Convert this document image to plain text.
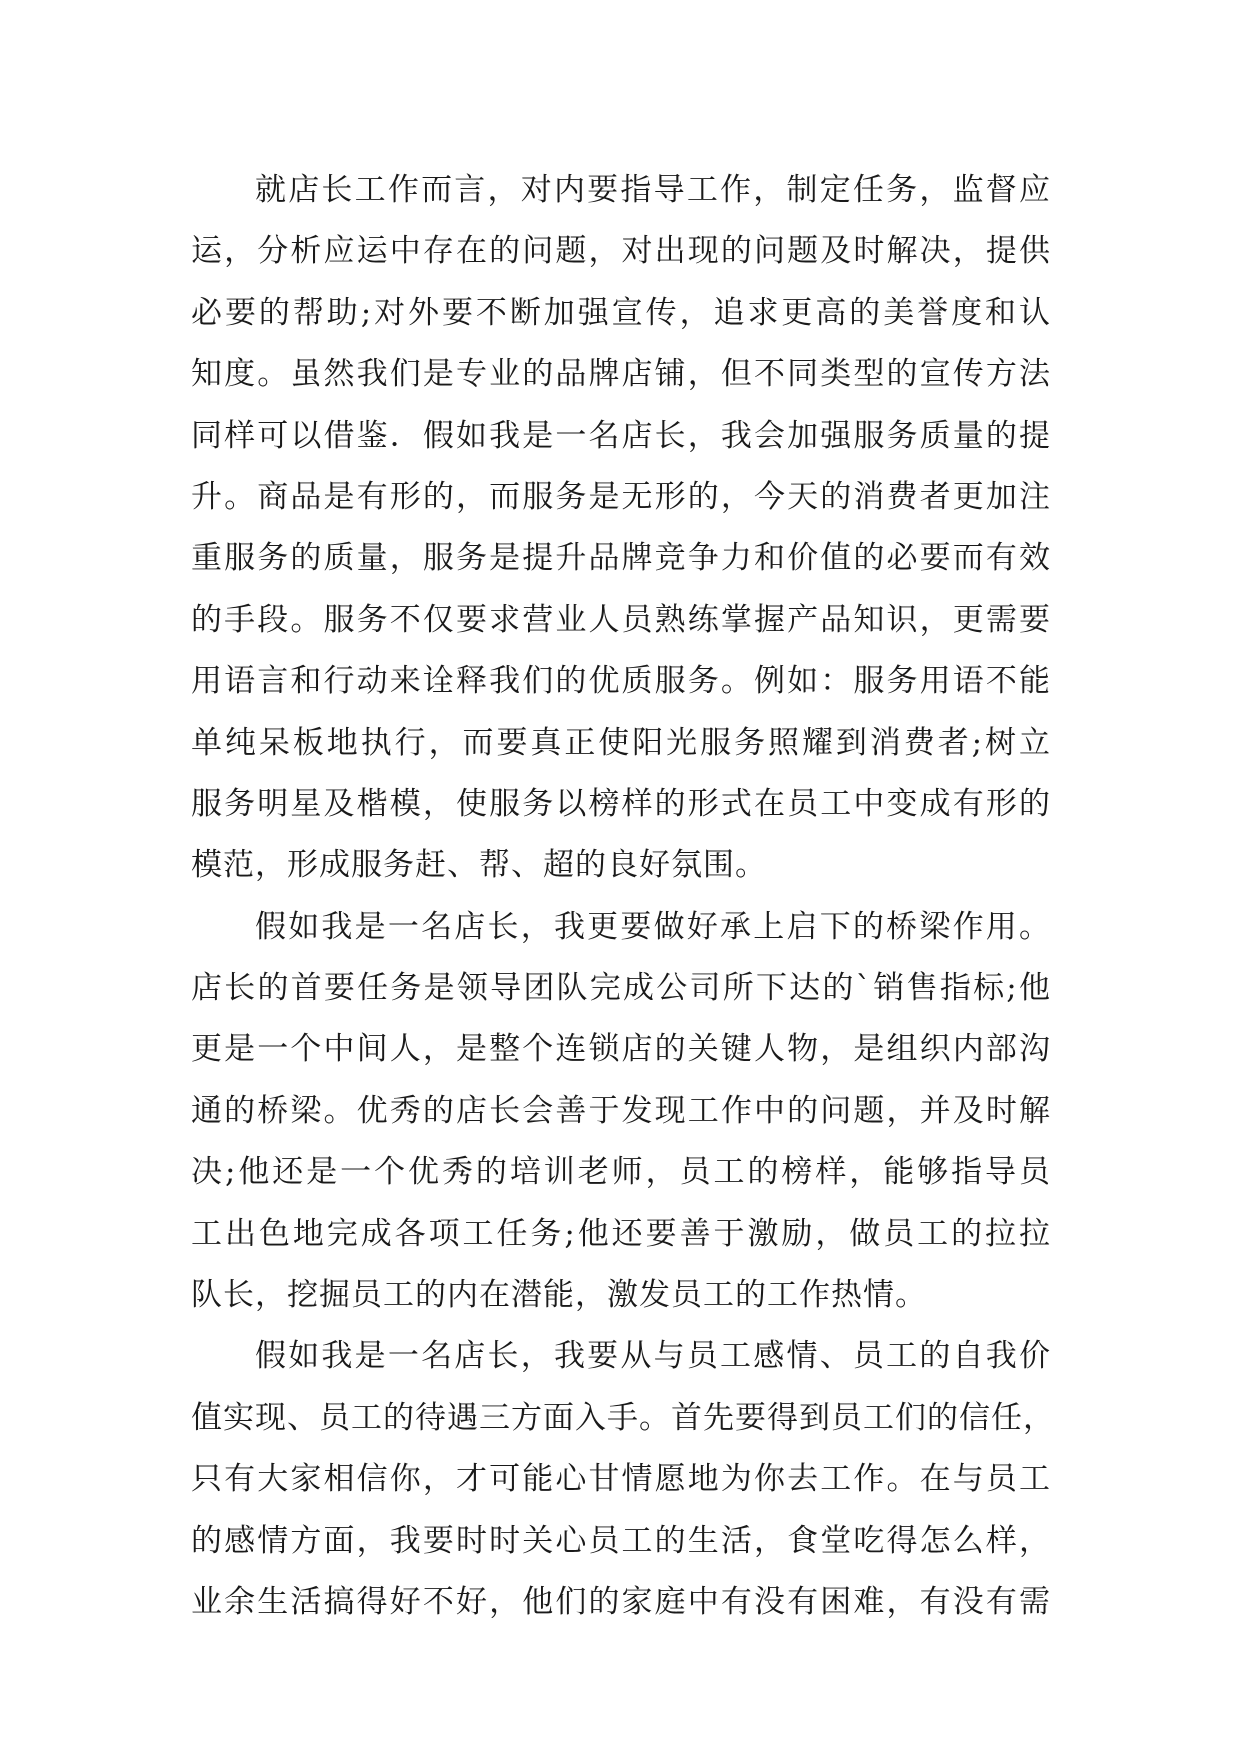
就店长工作而言，对内要指导工作，制定任务，监督应
运，分析应运中存在的问题，对出现的问题及时解决，提供
必要的帮助;对外要不断加强宣传，追求更高的美誉度和认
知度。虽然我们是专业的品牌店铺，但不同类型的宣传方法
同样可以借鉴．假如我是一名店长，我会加强服务质量的提
升。商品是有形的，而服务是无形的，今天的消费者更加注
重服务的质量，服务是提升品牌竞争力和价值的必要而有效
的手段。服务不仅要求营业人员熟练掌握产品知识，更需要
用语言和行动来诠释我们的优质服务。例如：服务用语不能
单纯呆板地执行，而要真正使阳光服务照耀到消费者;树立
服务明星及楷模，使服务以榜样的形式在员工中变成有形的
模范，形成服务赶、帮、超的良好氛围。
假如我是一名店长，我更要做好承上启下的桥梁作用。
店长的首要任务是领导团队完成公司所下达的`销售指标;他
更是一个中间人，是整个连锁店的关键人物，是组织内部沟
通的桥梁。优秀的店长会善于发现工作中的问题，并及时解
决;他还是一个优秀的培训老师，员工的榜样，能够指导员
工出色地完成各项工任务;他还要善于激励，做员工的拉拉
队长，挖掘员工的内在潜能，激发员工的工作热情。
假如我是一名店长，我要从与员工感情、员工的自我价
值实现、员工的待遇三方面入手。首先要得到员工们的信任，
只有大家相信你，才可能心甘情愿地为你去工作。在与员工
的感情方面，我要时时关心员工的生活，食堂吃得怎么样，
业余生活搞得好不好，他们的家庭中有没有困难，有没有需
